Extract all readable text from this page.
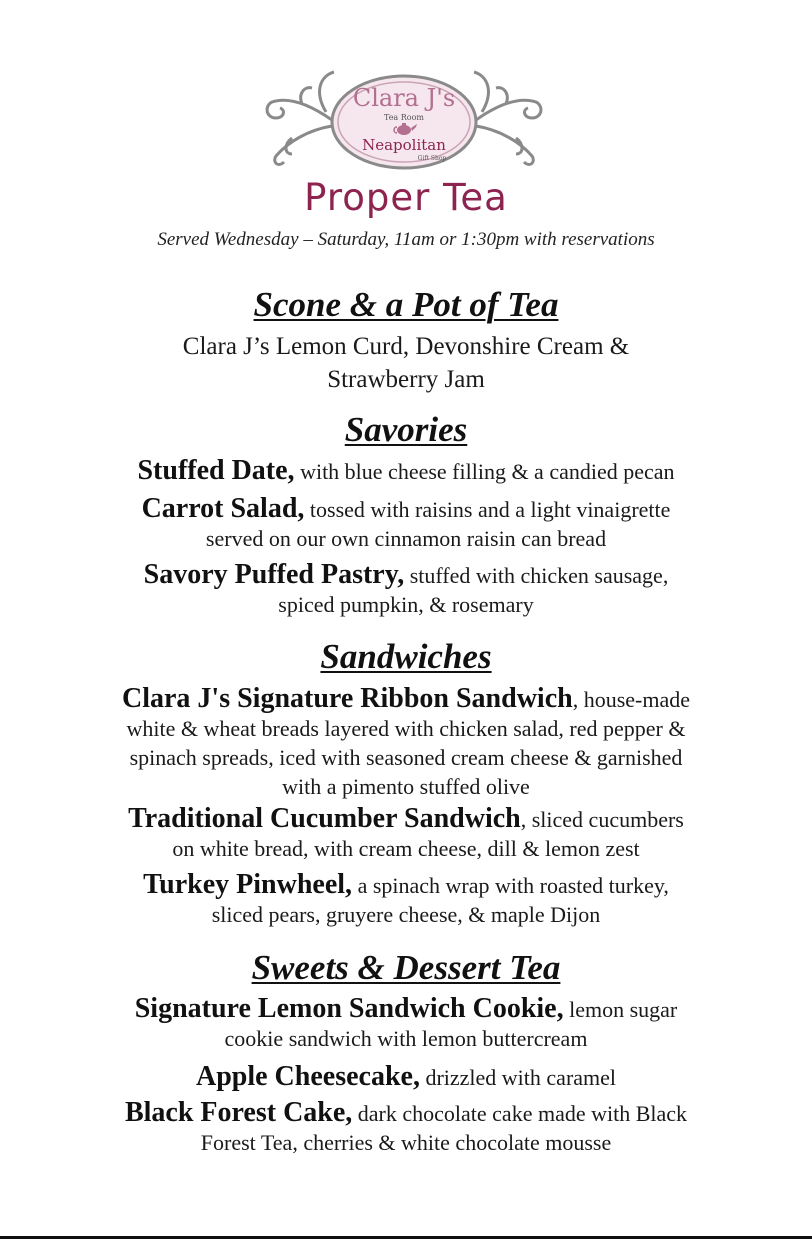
Clara J's
Tea Room
Neapolitan
Gift Shop
Proper Tea
Served Wednesday – Saturday, 11am or 1:30pm with reservations
Scone & a Pot of Tea
Clara J’s Lemon Curd, Devonshire Cream &
Strawberry Jam
Savories
Stuffed Date, with blue cheese filling & a candied pecan
Carrot Salad, tossed with raisins and a light vinaigrette
served on our own cinnamon raisin can bread
Savory Puffed Pastry, stuffed with chicken sausage,
spiced pumpkin, & rosemary
Sandwiches
Clara J's Signature Ribbon Sandwich, house-made
white & wheat breads layered with chicken salad, red pepper &
spinach spreads, iced with seasoned cream cheese & garnished
with a pimento stuffed olive
Traditional Cucumber Sandwich, sliced cucumbers
on white bread, with cream cheese, dill & lemon zest
Turkey Pinwheel, a spinach wrap with roasted turkey,
sliced pears, gruyere cheese, & maple Dijon
Sweets & Dessert Tea
Signature Lemon Sandwich Cookie, lemon sugar
cookie sandwich with lemon buttercream
Apple Cheesecake, drizzled with caramel
Black Forest Cake, dark chocolate cake made with Black
Forest Tea, cherries & white chocolate mousse
